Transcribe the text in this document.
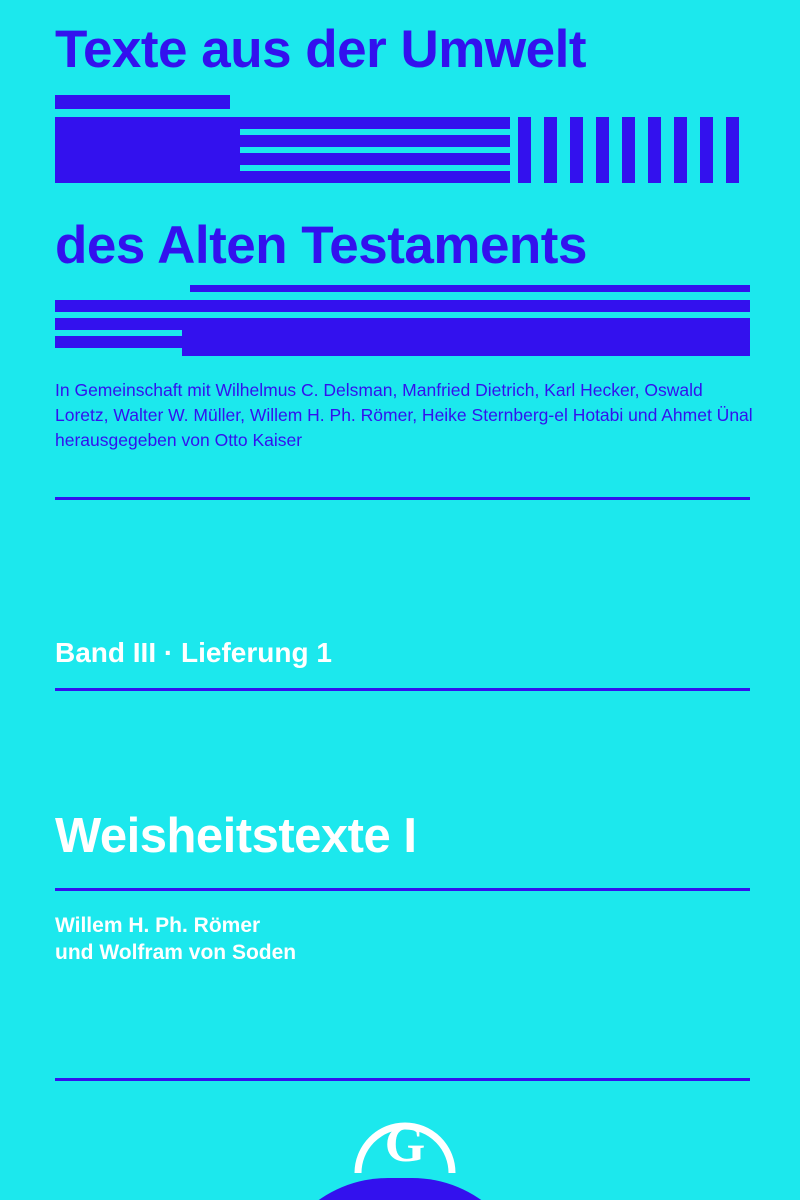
Texte aus der Umwelt
des Alten Testaments
In Gemeinschaft mit Wilhelmus C. Delsman, Manfried Dietrich, Karl Hecker, Oswald Loretz, Walter W. Müller, Willem H. Ph. Römer, Heike Sternberg-el Hotabi und Ahmet Ünal herausgegeben von Otto Kaiser
Band III · Lieferung 1
Weisheitstexte I
Willem H. Ph. Römer
und Wolfram von Soden
G
